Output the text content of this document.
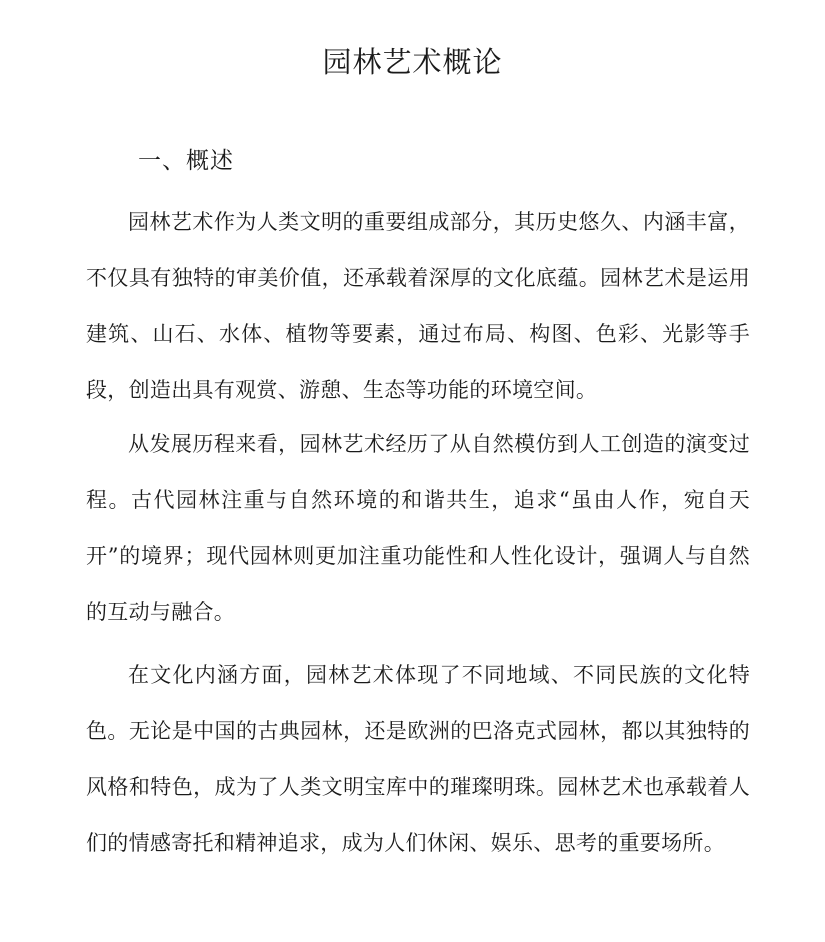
园林艺术概论
一、概述

园林艺术作为人类文明的重要组成部分，其历史悠久、内涵丰富，不仅具有独特的审美价值，还承载着深厚的文化底蕴。园林艺术是运用建筑、山石、水体、植物等要素，通过布局、构图、色彩、光影等手段，创造出具有观赏、游憩、生态等功能的环境空间。

从发展历程来看，园林艺术经历了从自然模仿到人工创造的演变过程。古代园林注重与自然环境的和谐共生，追求“虽由人作，宛自天开”的境界；现代园林则更加注重功能性和人性化设计，强调人与自然的互动与融合。

在文化内涵方面，园林艺术体现了不同地域、不同民族的文化特色。无论是中国的古典园林，还是欧洲的巴洛克式园林，都以其独特的风格和特色，成为了人类文明宝库中的璀璨明珠。园林艺术也承载着人们的情感寄托和精神追求，成为人们休闲、娱乐、思考的重要场所。
